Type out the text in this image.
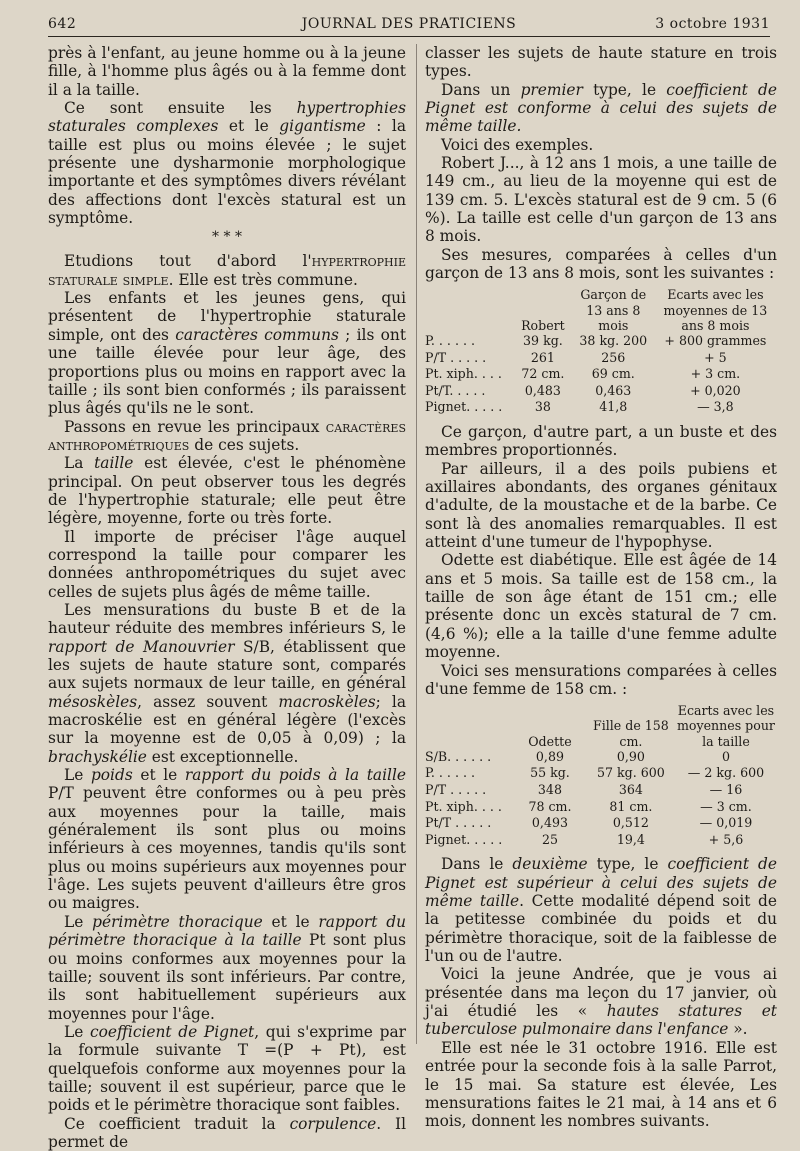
642	JOURNAL DES PRATICIENS	3 octobre 1931

près à l'enfant, au jeune homme ou à la jeune fille, à l'homme plus âgés ou à la femme dont il a la taille.

Ce sont ensuite les hypertrophies staturales complexes et le gigantisme : la taille est plus ou moins élevée ; le sujet présente une dysharmonie morphologique importante et des symptômes divers révélant des affections dont l'excès statural est un symptôme.

* * *

Etudions tout d'abord l'hypertrophie staturale simple. Elle est très commune.

Les enfants et les jeunes gens, qui présentent de l'hypertrophie staturale simple, ont des caractères communs ; ils ont une taille élevée pour leur âge, des proportions plus ou moins en rapport avec la taille ; ils sont bien conformés ; ils paraissent plus âgés qu'ils ne le sont.

Passons en revue les principaux caractères anthropométriques de ces sujets.

La taille est élevée, c'est le phénomène principal. On peut observer tous les degrés de l'hypertrophie staturale; elle peut être légère, moyenne, forte ou très forte.

Il importe de préciser l'âge auquel correspond la taille pour comparer les données anthropométriques du sujet avec celles de sujets plus âgés de même taille.

Les mensurations du buste B et de la hauteur réduite des membres inférieurs S, le rapport de Manouvrier S/B, établissent que les sujets de haute stature sont, comparés aux sujets normaux de leur taille, en général mésoskèles, assez souvent macroskèles; la macroskélie est en général légère (l'excès sur la moyenne est de 0,05 à 0,09) ; la brachyskélie est exceptionnelle.

Le poids et le rapport du poids à la taille P/T peuvent être conformes ou à peu près aux moyennes pour la taille, mais généralement ils sont plus ou moins inférieurs à ces moyennes, tandis qu'ils sont plus ou moins supérieurs aux moyennes pour l'âge. Les sujets peuvent d'ailleurs être gros ou maigres.

Le périmètre thoracique et le rapport du périmètre thoracique à la taille Pt sont plus ou moins conformes aux moyennes pour la taille; souvent ils sont inférieurs. Par contre, ils sont habituellement supérieurs aux moyennes pour l'âge.

Le coefficient de Pignet, qui s'exprime par la formule suivante T =(P + Pt), est quelquefois conforme aux moyennes pour la taille; souvent il est supérieur, parce que le poids et le périmètre thoracique sont faibles.

Ce coefficient traduit la corpulence. Il permet de

classer les sujets de haute stature en trois types.

Dans un premier type, le coefficient de Pignet est conforme à celui des sujets de même taille.

Voici des exemples.

Robert J..., à 12 ans 1 mois, a une taille de 149 cm., au lieu de la moyenne qui est de 139 cm. 5. L'excès statural est de 9 cm. 5 (6 %). La taille est celle d'un garçon de 13 ans 8 mois.

Ses mesures, comparées à celles d'un garçon de 13 ans 8 mois, sont les suivantes :

	Robert	Garçon de 13 ans 8 mois	Ecarts avec les moyennes de 13 ans 8 mois
P. . . . . .	39 kg.	38 kg. 200	+ 800 grammes
P/T . . . . .	261	256	+ 5
Pt. xiph. . . .	72 cm.	69 cm.	+ 3 cm.
Pt/T. . . . .	0,483	0,463	+ 0,020
Pignet. . . . .	38	41,8	— 3,8

Ce garçon, d'autre part, a un buste et des membres proportionnés.

Par ailleurs, il a des poils pubiens et axillaires abondants, des organes génitaux d'adulte, de la moustache et de la barbe. Ce sont là des anomalies remarquables. Il est atteint d'une tumeur de l'hypophyse.

Odette est diabétique. Elle est âgée de 14 ans et 5 mois. Sa taille est de 158 cm., la taille de son âge étant de 151 cm.; elle présente donc un excès statural de 7 cm. (4,6 %); elle a la taille d'une femme adulte moyenne.

Voici ses mensurations comparées à celles d'une femme de 158 cm. :

	Odette	Fille de 158 cm.	Ecarts avec les moyennes pour la taille
S/B. . . . . .	0,89	0,90	0
P. . . . . .	55 kg.	57 kg. 600	— 2 kg. 600
P/T . . . . .	348	364	— 16
Pt. xiph. . . .	78 cm.	81 cm.	— 3 cm.
Pt/T . . . . .	0,493	0,512	— 0,019
Pignet. . . . .	25	19,4	+ 5,6

Dans le deuxième type, le coefficient de Pignet est supérieur à celui des sujets de même taille. Cette modalité dépend soit de la petitesse combinée du poids et du périmètre thoracique, soit de la faiblesse de l'un ou de l'autre.

Voici la jeune Andrée, que je vous ai présentée dans ma leçon du 17 janvier, où j'ai étudié les « hautes statures et tuberculose pulmonaire dans l'enfance ».

Elle est née le 31 octobre 1916. Elle est entrée pour la seconde fois à la salle Parrot, le 15 mai. Sa stature est élevée, Les mensurations faites le 21 mai, à 14 ans et 6 mois, donnent les nombres suivants.
